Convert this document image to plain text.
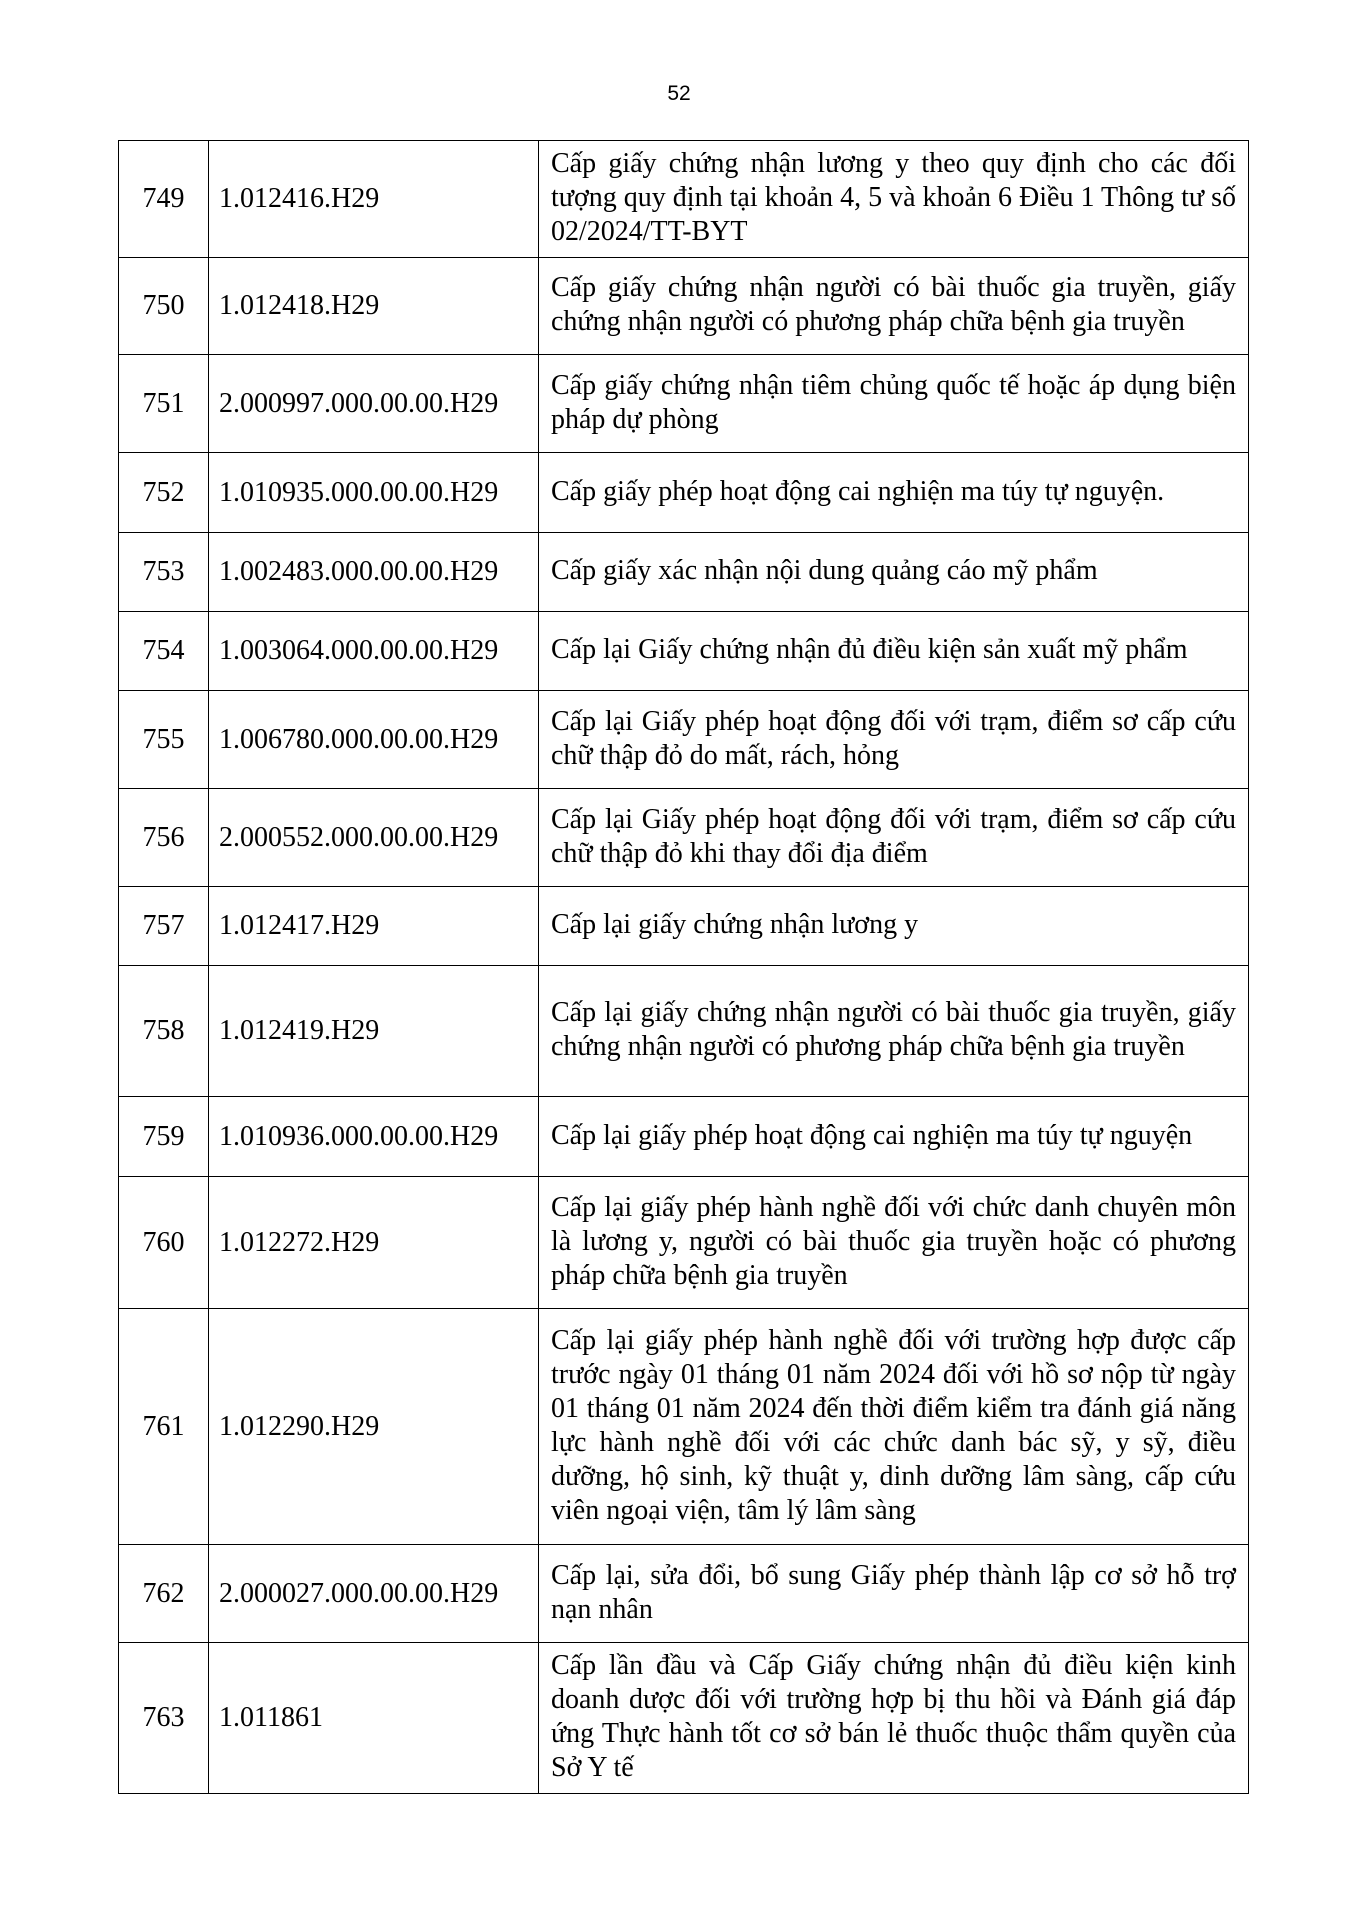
52
749	1.012416.H29	Cấp giấy chứng nhận lương y theo quy định cho các đối tượng quy định tại khoản 4, 5 và khoản 6 Điều 1 Thông tư số 02/2024/TT-BYT
750	1.012418.H29	Cấp giấy chứng nhận người có bài thuốc gia truyền, giấy chứng nhận người có phương pháp chữa bệnh gia truyền
751	2.000997.000.00.00.H29	Cấp giấy chứng nhận tiêm chủng quốc tế hoặc áp dụng biện pháp dự phòng
752	1.010935.000.00.00.H29	Cấp giấy phép hoạt động cai nghiện ma túy tự nguyện.
753	1.002483.000.00.00.H29	Cấp giấy xác nhận nội dung quảng cáo mỹ phẩm
754	1.003064.000.00.00.H29	Cấp lại Giấy chứng nhận đủ điều kiện sản xuất mỹ phẩm
755	1.006780.000.00.00.H29	Cấp lại Giấy phép hoạt động đối với trạm, điểm sơ cấp cứu chữ thập đỏ do mất, rách, hỏng
756	2.000552.000.00.00.H29	Cấp lại Giấy phép hoạt động đối với trạm, điểm sơ cấp cứu chữ thập đỏ khi thay đổi địa điểm
757	1.012417.H29	Cấp lại giấy chứng nhận lương y
758	1.012419.H29	Cấp lại giấy chứng nhận người có bài thuốc gia truyền, giấy chứng nhận người có phương pháp chữa bệnh gia truyền
759	1.010936.000.00.00.H29	Cấp lại giấy phép hoạt động cai nghiện ma túy tự nguyện
760	1.012272.H29	Cấp lại giấy phép hành nghề đối với chức danh chuyên môn là lương y, người có bài thuốc gia truyền hoặc có phương pháp chữa bệnh gia truyền
761	1.012290.H29	Cấp lại giấy phép hành nghề đối với trường hợp được cấp trước ngày 01 tháng 01 năm 2024 đối với hồ sơ nộp từ ngày 01 tháng 01 năm 2024 đến thời điểm kiểm tra đánh giá năng lực hành nghề đối với các chức danh bác sỹ, y sỹ, điều dưỡng, hộ sinh, kỹ thuật y, dinh dưỡng lâm sàng, cấp cứu viên ngoại viện, tâm lý lâm sàng
762	2.000027.000.00.00.H29	Cấp lại, sửa đổi, bổ sung Giấy phép thành lập cơ sở hỗ trợ nạn nhân
763	1.011861	Cấp lần đầu và Cấp Giấy chứng nhận đủ điều kiện kinh doanh dược đối với trường hợp bị thu hồi và Đánh giá đáp ứng Thực hành tốt cơ sở bán lẻ thuốc thuộc thẩm quyền của Sở Y tế
